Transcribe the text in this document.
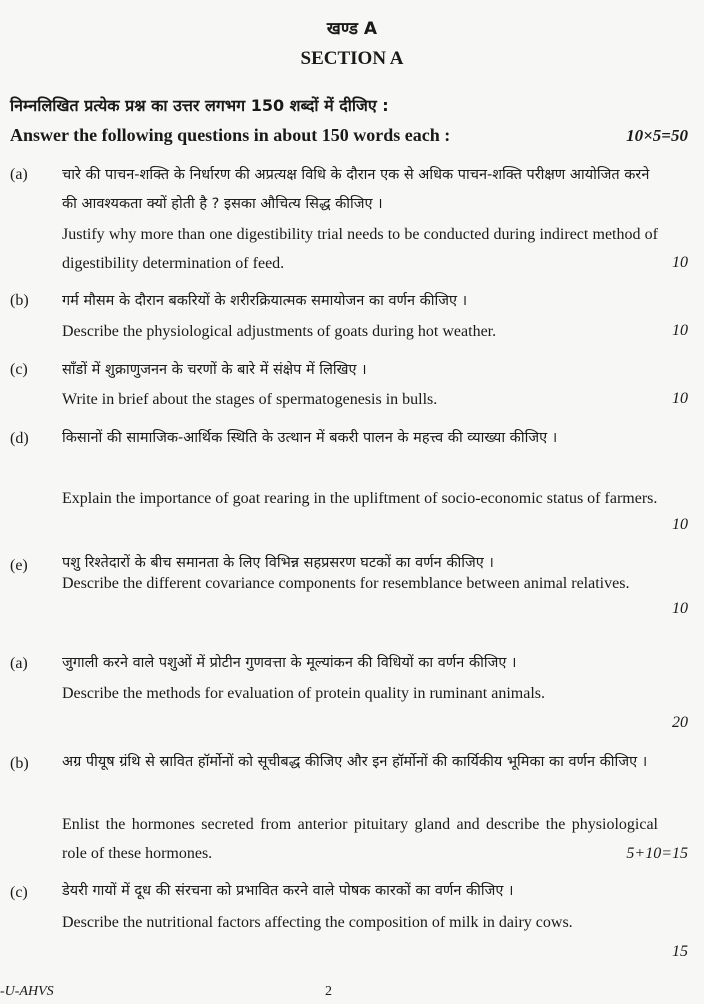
खण्ड A
SECTION A
निम्नलिखित प्रत्येक प्रश्न का उत्तर लगभग 150 शब्दों में दीजिए :
Answer the following questions in about 150 words each :	10×5=50
(a) चारे की पाचन-शक्ति के निर्धारण की अप्रत्यक्ष विधि के दौरान एक से अधिक पाचन-शक्ति परीक्षण आयोजित करने की आवश्यकता क्यों होती है ? इसका औचित्य सिद्ध कीजिए ।
Justify why more than one digestibility trial needs to be conducted during indirect method of digestibility determination of feed.	10
(b) गर्म मौसम के दौरान बकरियों के शरीरक्रियात्मक समायोजन का वर्णन कीजिए ।
Describe the physiological adjustments of goats during hot weather.	10
(c) साँडों में शुक्राणुजनन के चरणों के बारे में संक्षेप में लिखिए ।
Write in brief about the stages of spermatogenesis in bulls.	10
(d) किसानों की सामाजिक-आर्थिक स्थिति के उत्थान में बकरी पालन के महत्त्व की व्याख्या कीजिए ।
Explain the importance of goat rearing in the upliftment of socio-economic status of farmers.
10
(e) पशु रिश्तेदारों के बीच समानता के लिए विभिन्न सहप्रसरण घटकों का वर्णन कीजिए ।
Describe the different covariance components for resemblance between animal relatives.
10
(a) जुगाली करने वाले पशुओं में प्रोटीन गुणवत्ता के मूल्यांकन की विधियों का वर्णन कीजिए ।
Describe the methods for evaluation of protein quality in ruminant animals.
20
(b) अग्र पीयूष ग्रंथि से स्रावित हॉर्मोनों को सूचीबद्ध कीजिए और इन हॉर्मोनों की कार्यिकीय भूमिका का वर्णन कीजिए ।
Enlist the hormones secreted from anterior pituitary gland and describe the physiological role of these hormones.	5+10=15
(c) डेयरी गायों में दूध की संरचना को प्रभावित करने वाले पोषक कारकों का वर्णन कीजिए ।
Describe the nutritional factors affecting the composition of milk in dairy cows.
15
-U-AHVS	2
